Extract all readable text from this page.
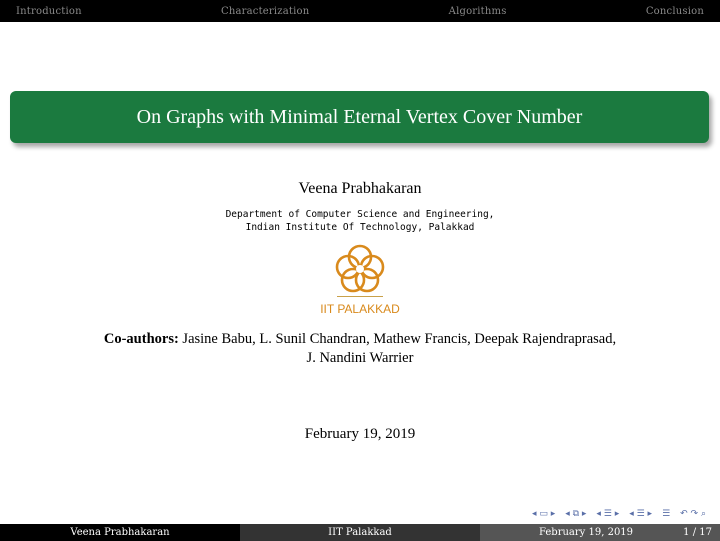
Introduction	Characterization	Algorithms	Conclusion
On Graphs with Minimal Eternal Vertex Cover Number
Veena Prabhakaran
Department of Computer Science and Engineering,
Indian Institute Of Technology, Palakkad
IIT PALAKKAD
Co-authors: Jasine Babu, L. Sunil Chandran, Mathew Francis, Deepak Rajendraprasad,
J. Nandini Warrier
February 19, 2019
◂ ▭ ▸ ◂ ⧉ ▸ ◂ ☰ ▸ ◂ ☰ ▸ ☰ ↶ ↷ ⌕
Veena Prabhakaran	IIT Palakkad	February 19, 2019	1 / 17
